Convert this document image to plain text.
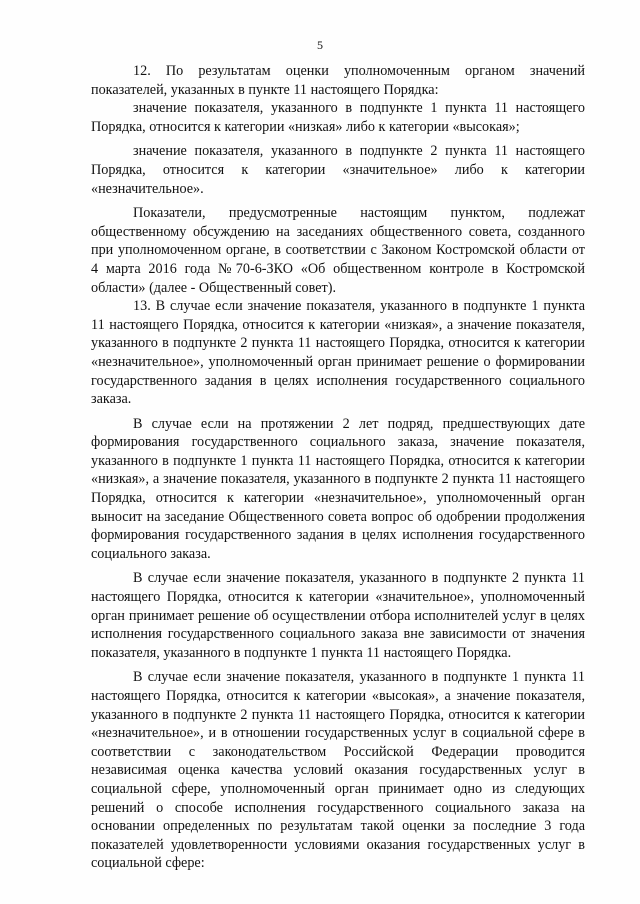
5

12. По результатам оценки уполномоченным органом значений показателей, указанных в пункте 11 настоящего Порядка:

значение показателя, указанного в подпункте 1 пункта 11 настоящего Порядка, относится к категории «низкая» либо к категории «высокая»;

значение показателя, указанного в подпункте 2 пункта 11 настоящего Порядка, относится к категории «значительное» либо к категории «незначительное».

Показатели, предусмотренные настоящим пунктом, подлежат общественному обсуждению на заседаниях общественного совета, созданного при уполномоченном органе, в соответствии с Законом Костромской области от 4 марта 2016 года №70-6-ЗКО «Об общественном контроле в Костромской области» (далее - Общественный совет).

13. В случае если значение показателя, указанного в подпункте 1 пункта 11 настоящего Порядка, относится к категории «низкая», а значение показателя, указанного в подпункте 2 пункта 11 настоящего Порядка, относится к категории «незначительное», уполномоченный орган принимает решение о формировании государственного задания в целях исполнения государственного социального заказа.

В случае если на протяжении 2 лет подряд, предшествующих дате формирования государственного социального заказа, значение показателя, указанного в подпункте 1 пункта 11 настоящего Порядка, относится к категории «низкая», а значение показателя, указанного в подпункте 2 пункта 11 настоящего Порядка, относится к категории «незначительное», уполномоченный орган выносит на заседание Общественного совета вопрос об одобрении продолжения формирования государственного задания в целях исполнения государственного социального заказа.

В случае если значение показателя, указанного в подпункте 2 пункта 11 настоящего Порядка, относится к категории «значительное», уполномоченный орган принимает решение об осуществлении отбора исполнителей услуг в целях исполнения государственного социального заказа вне зависимости от значения показателя, указанного в подпункте 1 пункта 11 настоящего Порядка.

В случае если значение показателя, указанного в подпункте 1 пункта 11 настоящего Порядка, относится к категории «высокая», а значение показателя, указанного в подпункте 2 пункта 11 настоящего Порядка, относится к категории «незначительное», и в отношении государственных услуг в социальной сфере в соответствии с законодательством Российской Федерации проводится независимая оценка качества условий оказания государственных услуг в социальной сфере, уполномоченный орган принимает одно из следующих решений о способе исполнения государственного социального заказа на основании определенных по результатам такой оценки за последние 3 года показателей удовлетворенности условиями оказания государственных услуг в социальной сфере:
